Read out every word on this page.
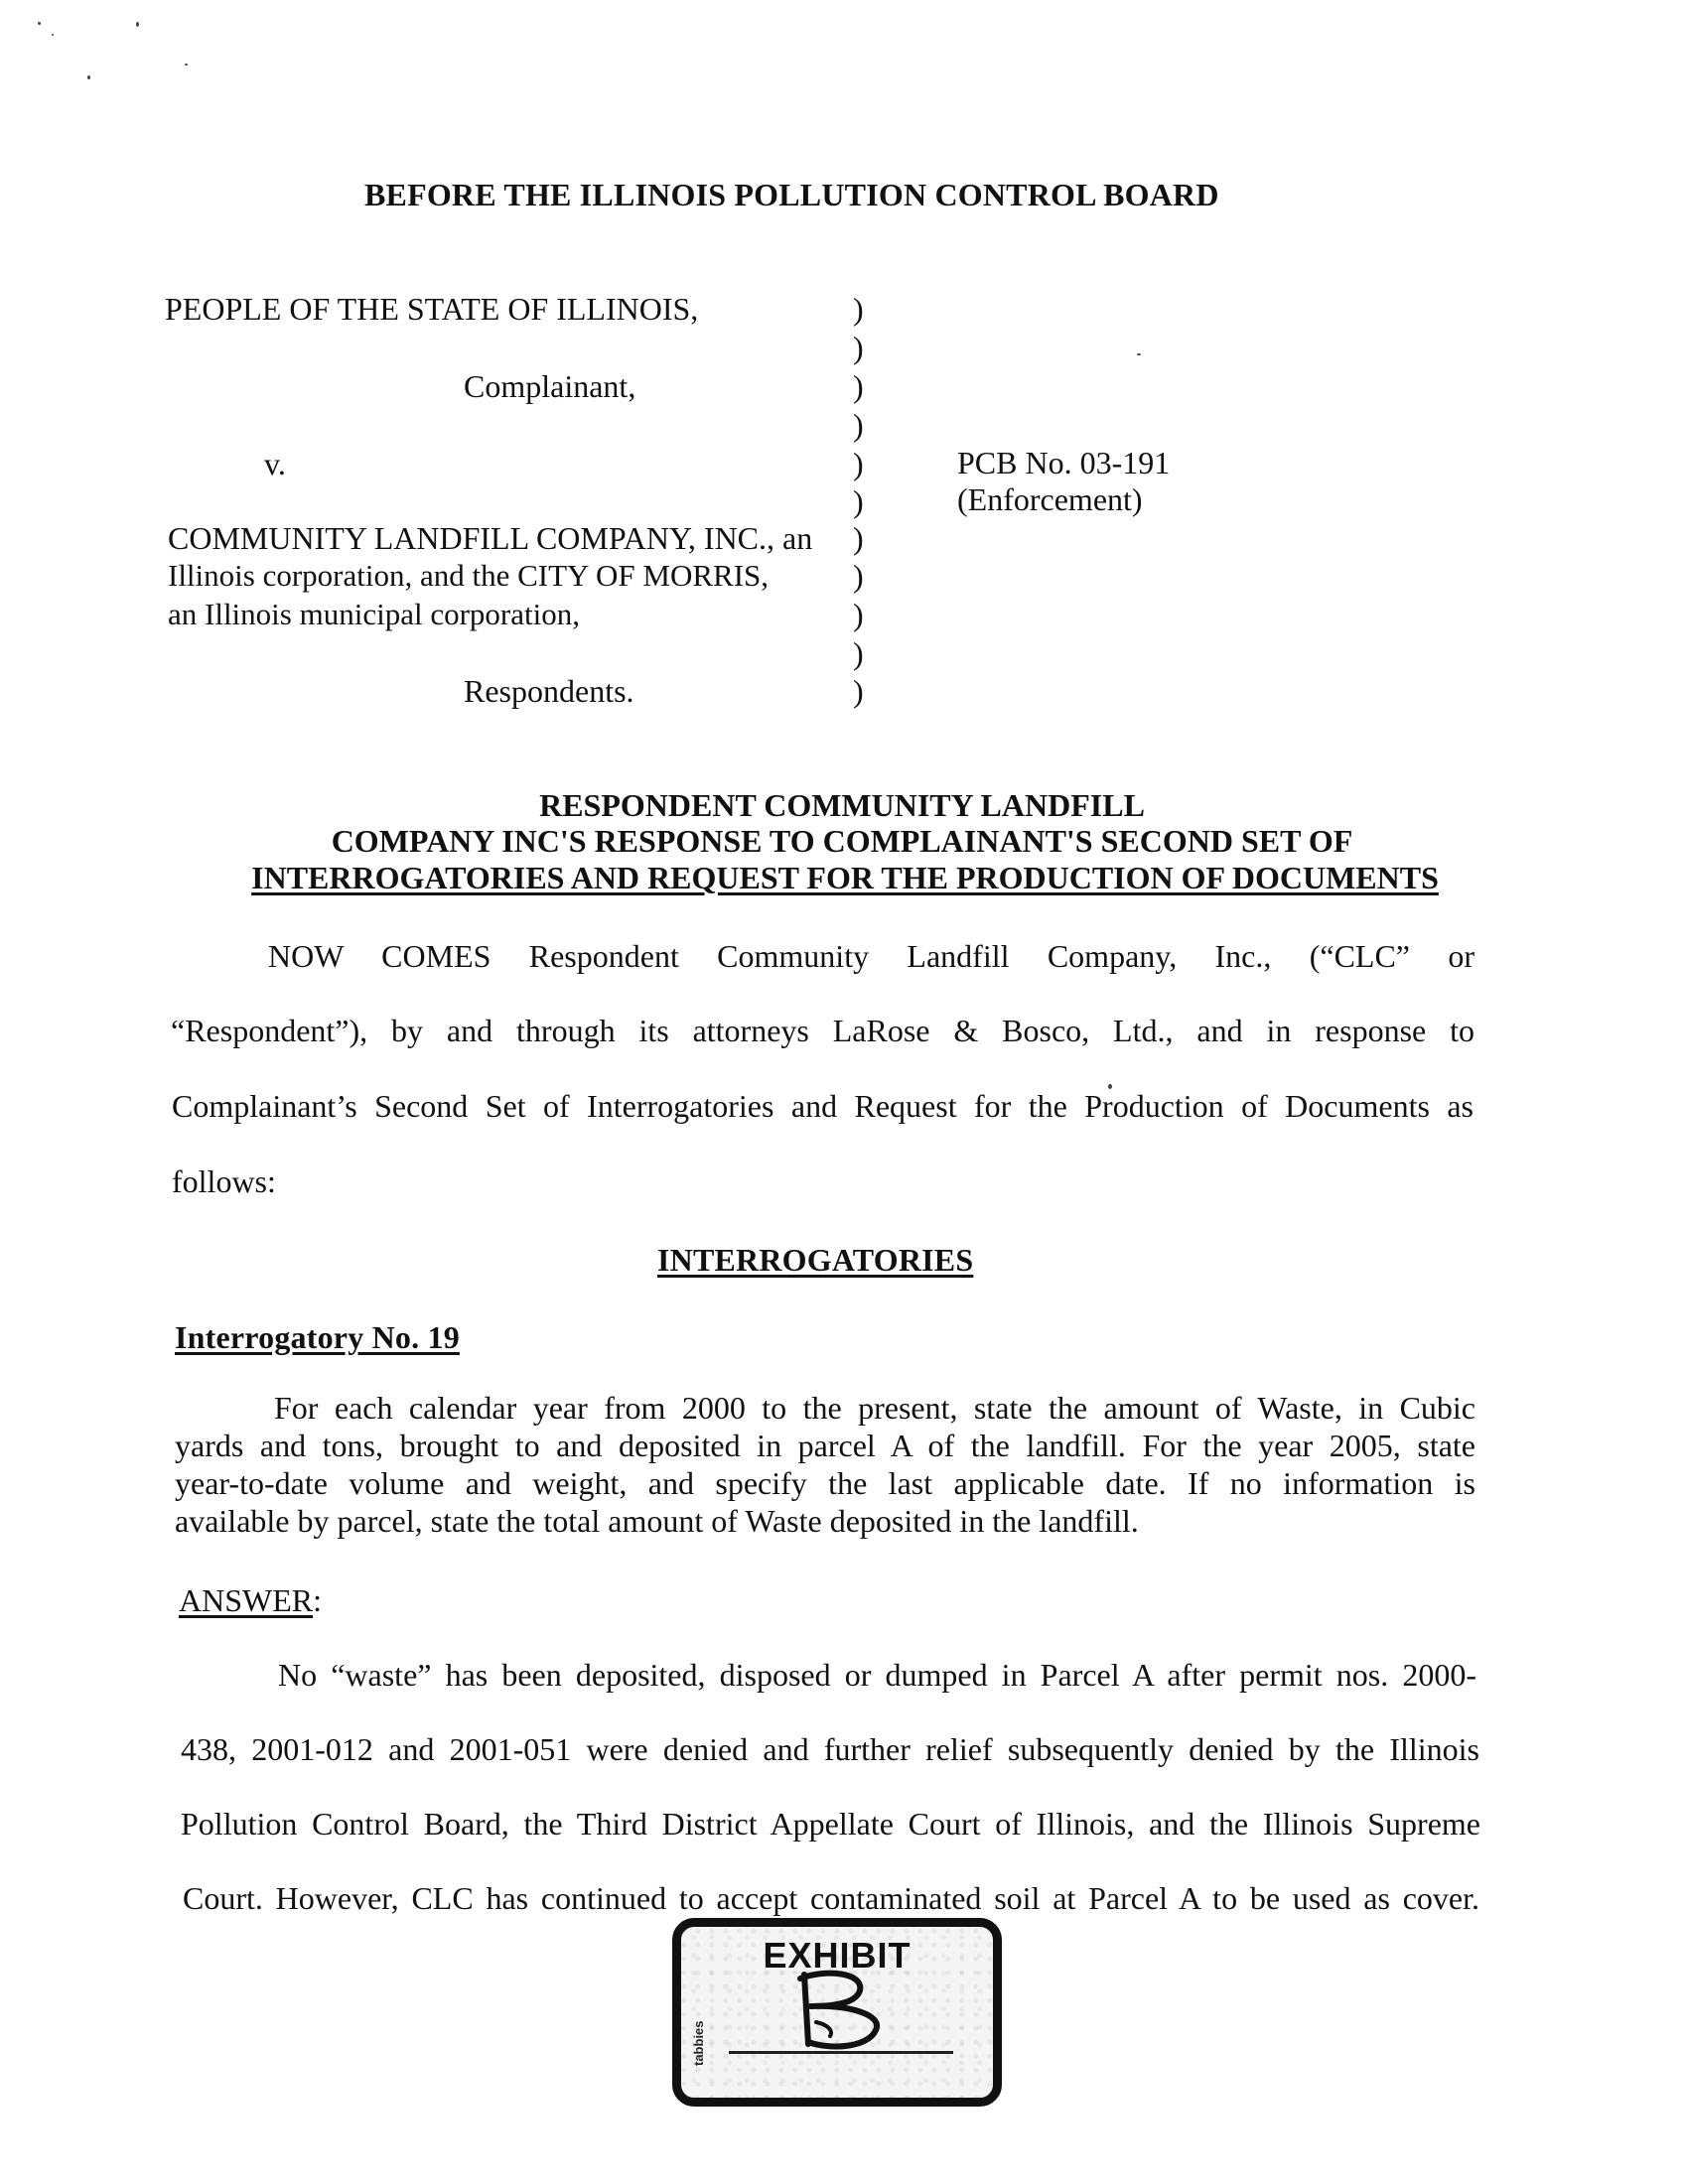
BEFORE THE ILLINOIS POLLUTION CONTROL BOARD
PEOPLE OF THE STATE OF ILLINOIS,
Complainant,
v.
COMMUNITY LANDFILL COMPANY, INC., an
Illinois corporation, and the CITY OF MORRIS,
an Illinois municipal corporation,
Respondents.
)
)
)
)
)
)
)
)
)
)
)
PCB No. 03-191
(Enforcement)
RESPONDENT COMMUNITY LANDFILL
COMPANY INC'S RESPONSE TO COMPLAINANT'S SECOND SET OF
INTERROGATORIES AND REQUEST FOR THE PRODUCTION OF DOCUMENTS
NOW COMES Respondent Community Landfill Company, Inc., (“CLC” or
“Respondent”), by and through its attorneys LaRose & Bosco, Ltd., and in response to
Complainant’s Second Set of Interrogatories and Request for the Production of Documents as
follows:
INTERROGATORIES
Interrogatory No. 19
For each calendar year from 2000 to the present, state the amount of Waste, in Cubic
yards and tons, brought to and deposited in parcel A of the landfill. For the year 2005, state
year-to-date volume and weight, and specify the last applicable date. If no information is
available by parcel, state the total amount of Waste deposited in the landfill.
ANSWER:
No “waste” has been deposited, disposed or dumped in Parcel A after permit nos. 2000-
438, 2001-012 and 2001-051 were denied and further relief subsequently denied by the Illinois
Pollution Control Board, the Third District Appellate Court of Illinois, and the Illinois Supreme
Court. However, CLC has continued to accept contaminated soil at Parcel A to be used as cover.
EXHIBIT
tabbies
